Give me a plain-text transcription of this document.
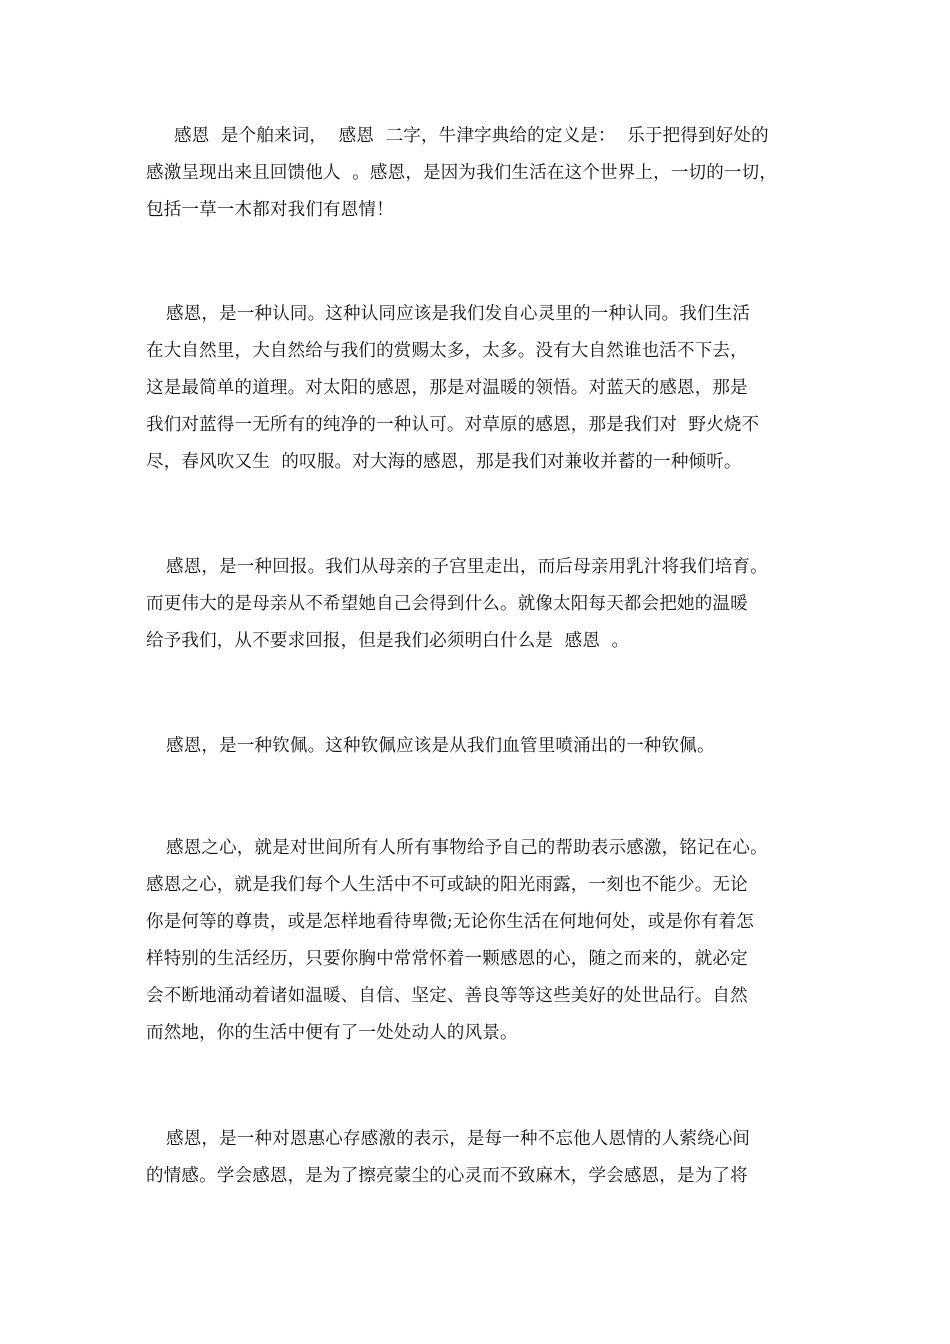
感恩  是个舶来词，  感恩  二字，牛津字典给的定义是：  乐于把得到好处的
感激呈现出来且回馈他人  。感恩，是因为我们生活在这个世界上，一切的一切，
包括一草一木都对我们有恩情！
感恩，是一种认同。这种认同应该是我们发自心灵里的一种认同。我们生活
在大自然里，大自然给与我们的赏赐太多，太多。没有大自然谁也活不下去，
这是最简单的道理。对太阳的感恩，那是对温暖的领悟。对蓝天的感恩，那是
我们对蓝得一无所有的纯净的一种认可。对草原的感恩，那是我们对  野火烧不
尽，春风吹又生  的叹服。对大海的感恩，那是我们对兼收并蓄的一种倾听。
感恩，是一种回报。我们从母亲的子宫里走出，而后母亲用乳汁将我们培育。
而更伟大的是母亲从不希望她自己会得到什么。就像太阳每天都会把她的温暖
给予我们，从不要求回报，但是我们必须明白什么是  感恩  。
感恩，是一种钦佩。这种钦佩应该是从我们血管里喷涌出的一种钦佩。
感恩之心，就是对世间所有人所有事物给予自己的帮助表示感激，铭记在心。
感恩之心，就是我们每个人生活中不可或缺的阳光雨露，一刻也不能少。无论
你是何等的尊贵，或是怎样地看待卑微;无论你生活在何地何处，或是你有着怎
样特别的生活经历，只要你胸中常常怀着一颗感恩的心，随之而来的，就必定
会不断地涌动着诸如温暖、自信、坚定、善良等等这些美好的处世品行。自然
而然地，你的生活中便有了一处处动人的风景。
感恩，是一种对恩惠心存感激的表示，是每一种不忘他人恩情的人萦绕心间
的情感。学会感恩，是为了擦亮蒙尘的心灵而不致麻木，学会感恩，是为了将
